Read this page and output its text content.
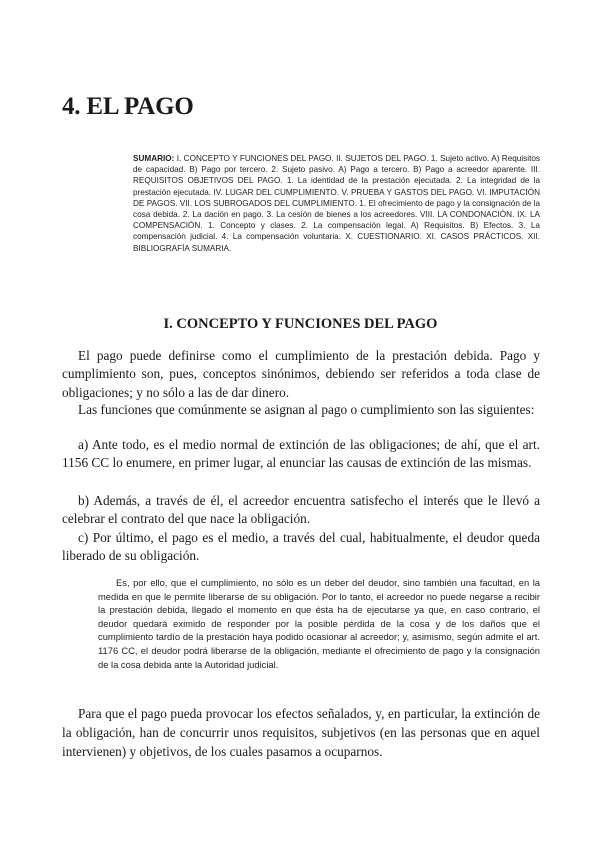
4. EL PAGO

SUMARIO: I. CONCEPTO Y FUNCIONES DEL PAGO. II. SUJETOS DEL PAGO. 1. Sujeto activo. A) Requisitos de capacidad. B) Pago por tercero. 2. Sujeto pasivo. A) Pago a tercero. B) Pago a acreedor aparente. III. REQUISITOS OBJETIVOS DEL PAGO. 1. La identidad de la prestación ejecutada. 2. La integridad de la prestación ejecutada. IV. LUGAR DEL CUMPLIMIENTO. V. PRUEBA Y GASTOS DEL PAGO. VI. IMPUTACIÓN DE PAGOS. VII. LOS SUBROGADOS DEL CUMPLIMIENTO. 1. El ofrecimiento de pago y la consignación de la cosa debida. 2. La dación en pago. 3. La cesión de bienes a los acreedores. VIII. LA CONDONACIÓN. IX. LA COMPENSACIÓN. 1. Concepto y clases. 2. La compensación legal. A) Requisitos. B) Efectos. 3. La compensación judicial. 4. La compensación voluntaria. X. CUESTIONARIO. XI. CASOS PRÁCTICOS. XII. BIBLIOGRAFÍA SUMARIA.

I. CONCEPTO Y FUNCIONES DEL PAGO

El pago puede definirse como el cumplimiento de la prestación debida. Pago y cumplimiento son, pues, conceptos sinónimos, debiendo ser referidos a toda clase de obligaciones; y no sólo a las de dar dinero.

Las funciones que comúnmente se asignan al pago o cumplimiento son las siguientes:

a) Ante todo, es el medio normal de extinción de las obligaciones; de ahí, que el art. 1156 CC lo enumere, en primer lugar, al enunciar las causas de extinción de las mismas.

b) Además, a través de él, el acreedor encuentra satisfecho el interés que le llevó a celebrar el contrato del que nace la obligación.

c) Por último, el pago es el medio, a través del cual, habitualmente, el deudor queda liberado de su obligación.

Es, por ello, que el cumplimiento, no sólo es un deber del deudor, sino también una facultad, en la medida en que le permite liberarse de su obligación. Por lo tanto, el acreedor no puede negarse a recibir la prestación debida, llegado el momento en que ésta ha de ejecutarse ya que, en caso contrario, el deudor quedará eximido de responder por la posible pérdida de la cosa y de los daños que el cumplimiento tardío de la prestación haya podido ocasionar al acreedor; y, asimismo, según admite el art. 1176 CC, el deudor podrá liberarse de la obligación, mediante el ofrecimiento de pago y la consignación de la cosa debida ante la Autoridad judicial.

Para que el pago pueda provocar los efectos señalados, y, en particular, la extinción de la obligación, han de concurrir unos requisitos, subjetivos (en las personas que en aquel intervienen) y objetivos, de los cuales pasamos a ocuparnos.
